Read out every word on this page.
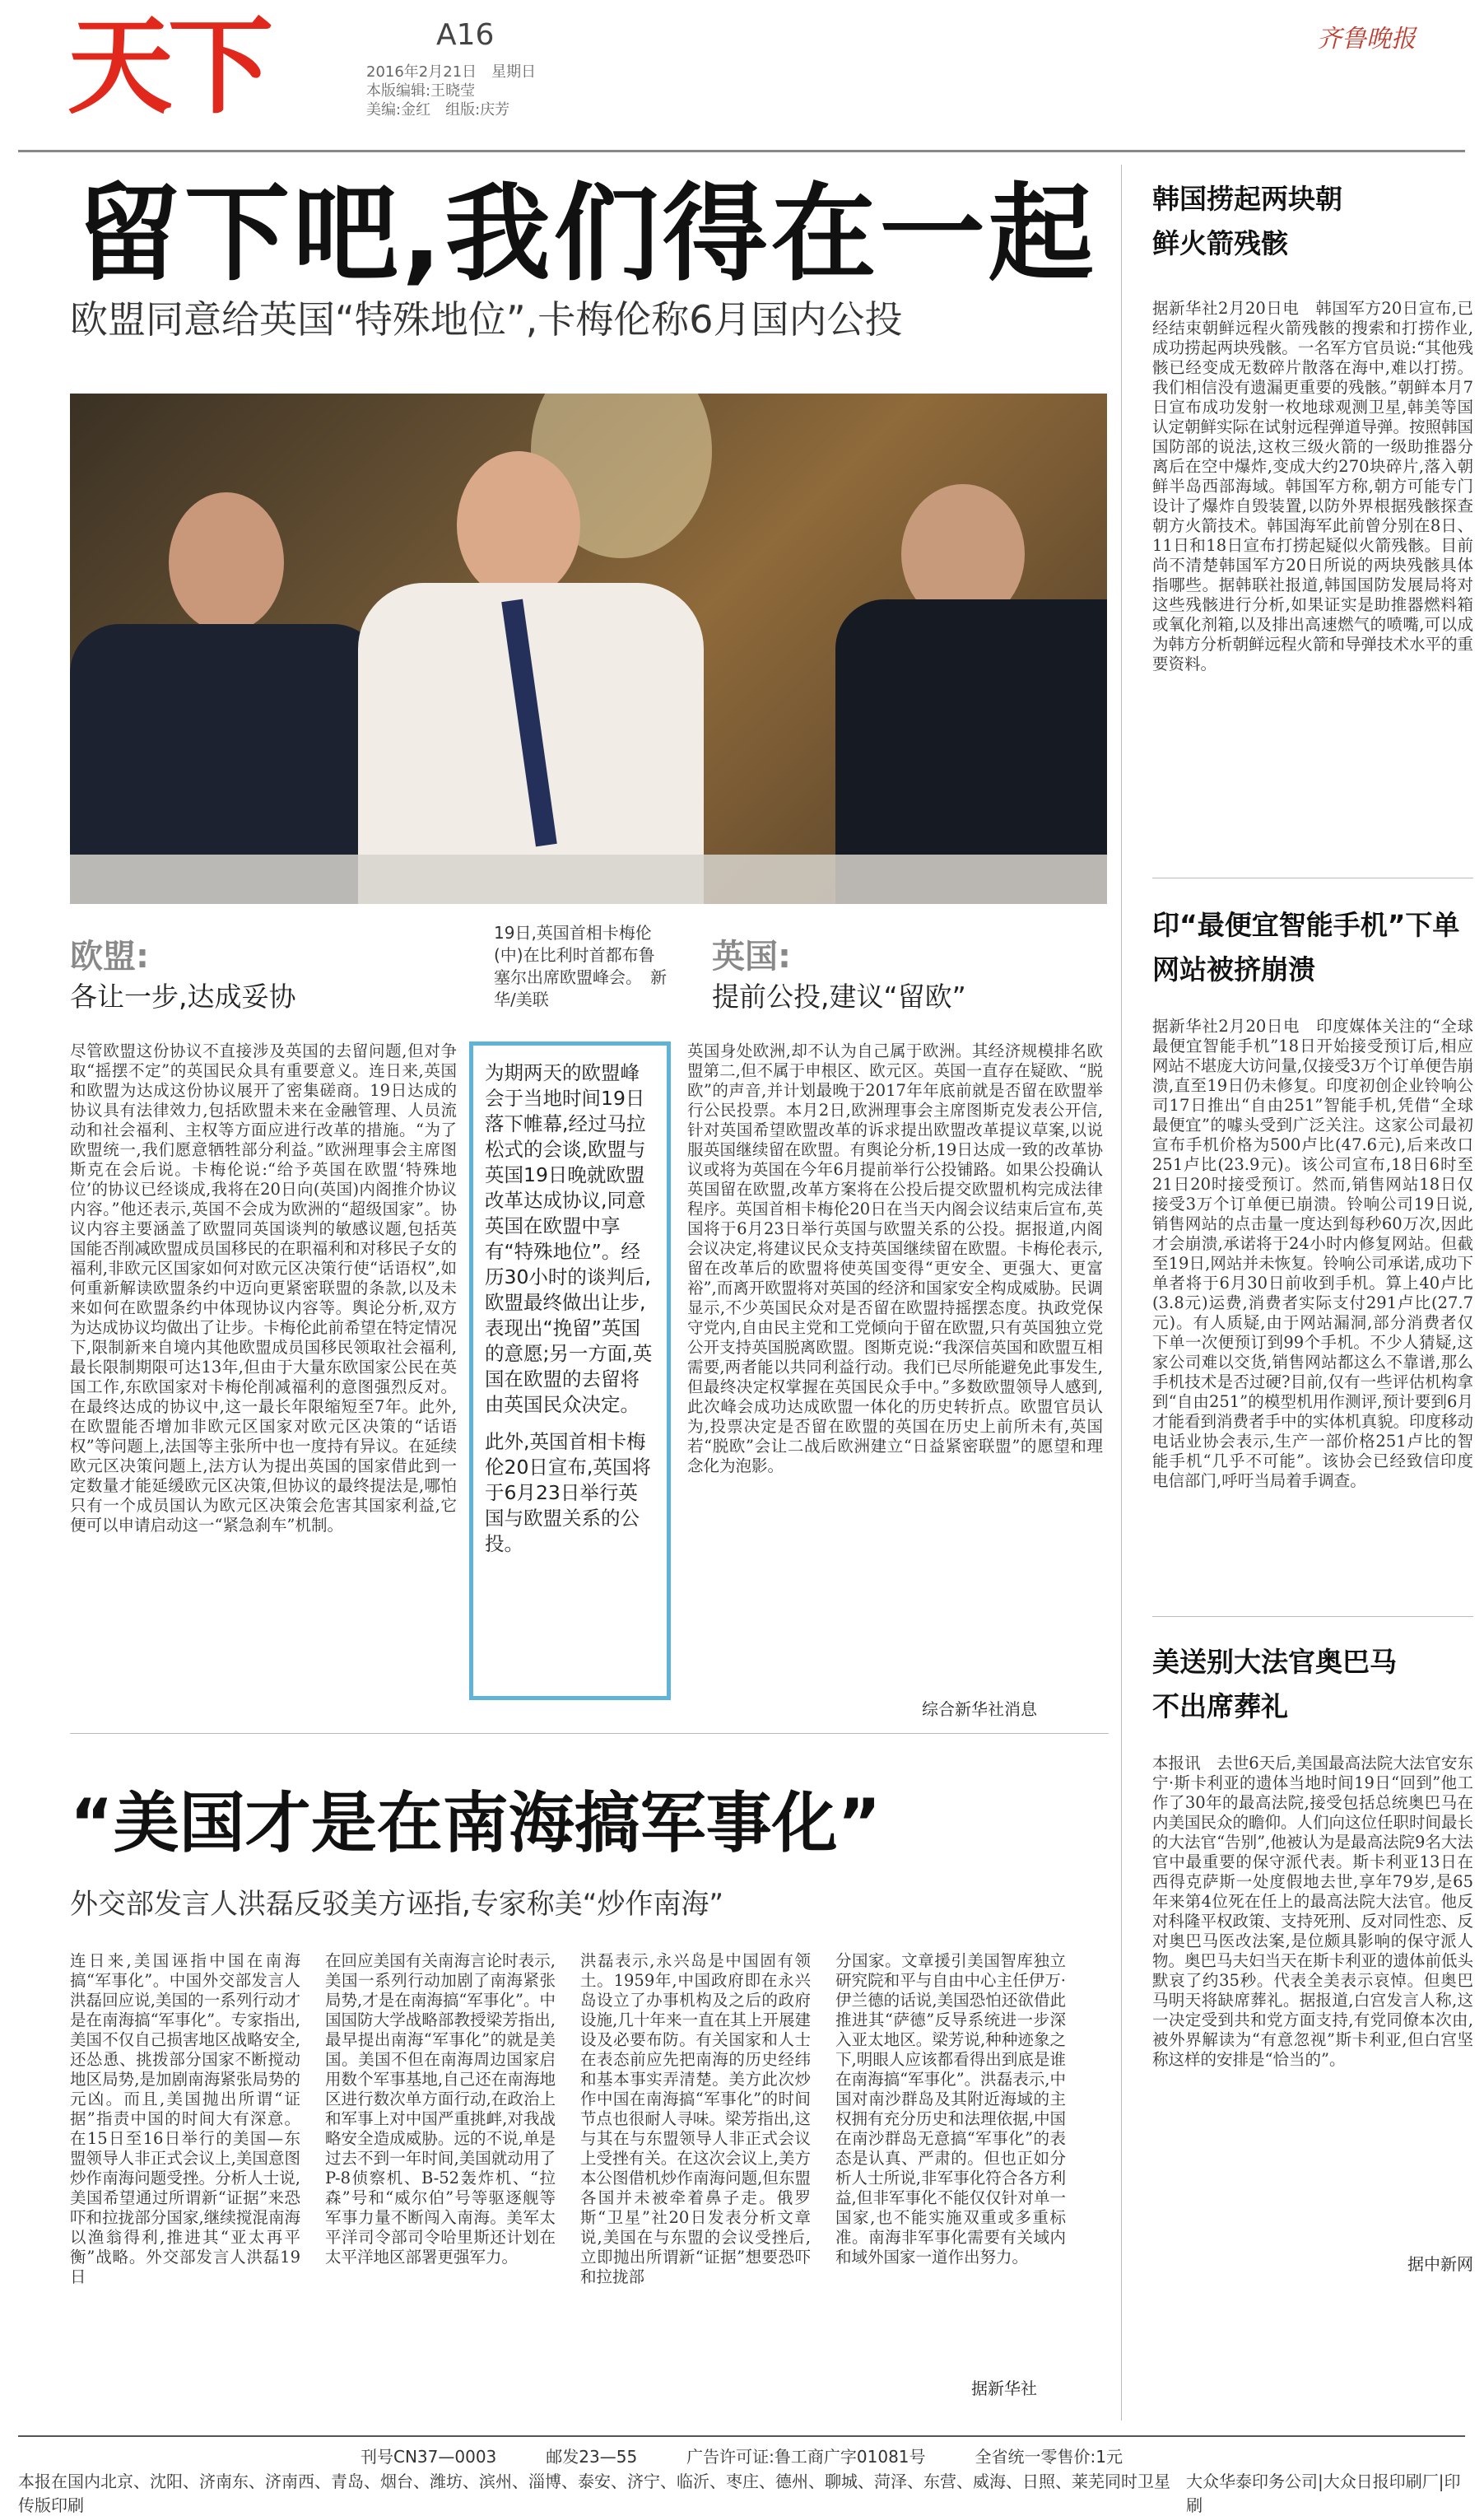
天下	A16
2016年2月21日　星期日
本版编辑:王晓莹
美编:金红　组版:庆芳
齐鲁晚报
留下吧,我们得在一起
欧盟同意给英国“特殊地位”,卡梅伦称6月国内公投
19日,英国首相卡梅伦(中)在比利时首都布鲁塞尔出席欧盟峰会。　新华/美联
欧盟:
各让一步,达成妥协
英国:
提前公投,建议“留欧”
尽管欧盟这份协议不直接涉及英国的去留问题,但对争取“摇摆不定”的英国民众具有重要意义。连日来,英国和欧盟为达成这份协议展开了密集磋商。19日达成的协议具有法律效力,包括欧盟未来在金融管理、人员流动和社会福利、主权等方面应进行改革的措施。“为了欧盟统一,我们愿意牺牲部分利益。”欧洲理事会主席图斯克在会后说。卡梅伦说:“给予英国在欧盟‘特殊地位’的协议已经谈成,我将在20日向(英国)内阁推介协议内容。”他还表示,英国不会成为欧洲的“超级国家”。协议内容主要涵盖了欧盟同英国谈判的敏感议题,包括英国能否削减欧盟成员国移民的在职福利和对移民子女的福利,非欧元区国家如何对欧元区决策行使“话语权”,如何重新解读欧盟条约中迈向更紧密联盟的条款,以及未来如何在欧盟条约中体现协议内容等。舆论分析,双方为达成协议均做出了让步。卡梅伦此前希望在特定情况下,限制新来自境内其他欧盟成员国移民领取社会福利,最长限制期限可达13年,但由于大量东欧国家公民在英国工作,东欧国家对卡梅伦削减福利的意图强烈反对。在最终达成的协议中,这一最长年限缩短至7年。此外,在欧盟能否增加非欧元区国家对欧元区决策的“话语权”等问题上,法国等主张所中也一度持有异议。在延续欧元区决策问题上,法方认为提出英国的国家借此到一定数量才能延缓欧元区决策,但协议的最终提法是,哪怕只有一个成员国认为欧元区决策会危害其国家利益,它便可以申请启动这一“紧急刹车”机制。
为期两天的欧盟峰会于当地时间19日落下帷幕,经过马拉松式的会谈,欧盟与英国19日晚就欧盟改革达成协议,同意英国在欧盟中享有“特殊地位”。经历30小时的谈判后,欧盟最终做出让步,表现出“挽留”英国的意愿;另一方面,英国在欧盟的去留将由英国民众决定。
此外,英国首相卡梅伦20日宣布,英国将于6月23日举行英国与欧盟关系的公投。
英国身处欧洲,却不认为自己属于欧洲。其经济规模排名欧盟第二,但不属于申根区、欧元区。英国一直存在疑欧、“脱欧”的声音,并计划最晚于2017年年底前就是否留在欧盟举行公民投票。本月2日,欧洲理事会主席图斯克发表公开信,针对英国希望欧盟改革的诉求提出欧盟改革提议草案,以说服英国继续留在欧盟。有舆论分析,19日达成一致的改革协议或将为英国在今年6月提前举行公投铺路。如果公投确认英国留在欧盟,改革方案将在公投后提交欧盟机构完成法律程序。英国首相卡梅伦20日在当天内阁会议结束后宣布,英国将于6月23日举行英国与欧盟关系的公投。据报道,内阁会议决定,将建议民众支持英国继续留在欧盟。卡梅伦表示,留在改革后的欧盟将使英国变得“更安全、更强大、更富裕”,而离开欧盟将对英国的经济和国家安全构成威胁。民调显示,不少英国民众对是否留在欧盟持摇摆态度。执政党保守党内,自由民主党和工党倾向于留在欧盟,只有英国独立党公开支持英国脱离欧盟。图斯克说:“我深信英国和欧盟互相需要,两者能以共同利益行动。我们已尽所能避免此事发生,但最终决定权掌握在英国民众手中。”多数欧盟领导人感到,此次峰会成功达成欧盟一体化的历史转折点。欧盟官员认为,投票决定是否留在欧盟的英国在历史上前所未有,英国若“脱欧”会让二战后欧洲建立“日益紧密联盟”的愿望和理念化为泡影。
综合新华社消息
“美国才是在南海搞军事化”
外交部发言人洪磊反驳美方诬指,专家称美“炒作南海”
连日来,美国诬指中国在南海搞“军事化”。中国外交部发言人洪磊回应说,美国的一系列行动才是在南海搞“军事化”。专家指出,美国不仅自己损害地区战略安全,还怂恿、挑拨部分国家不断搅动地区局势,是加剧南海紧张局势的元凶。而且,美国抛出所谓“证据”指责中国的时间大有深意。在15日至16日举行的美国—东盟领导人非正式会议上,美国意图炒作南海问题受挫。分析人士说,美国希望通过所谓新“证据”来恐吓和拉拢部分国家,继续搅混南海以渔翁得利,推进其“亚太再平衡”战略。外交部发言人洪磊19日
在回应美国有关南海言论时表示,美国一系列行动加剧了南海紧张局势,才是在南海搞“军事化”。中国国防大学战略部教授梁芳指出,最早提出南海“军事化”的就是美国。美国不但在南海周边国家启用数个军事基地,自己还在南海地区进行数次单方面行动,在政治上和军事上对中国严重挑衅,对我战略安全造成威胁。远的不说,单是过去不到一年时间,美国就动用了P-8侦察机、B-52轰炸机、“拉森”号和“威尔伯”号等驱逐舰等军事力量不断闯入南海。美军太平洋司令部司令哈里斯还计划在太平洋地区部署更强军力。
洪磊表示,永兴岛是中国固有领土。1959年,中国政府即在永兴岛设立了办事机构及之后的政府设施,几十年来一直在其上开展建设及必要布防。有关国家和人士在表态前应先把南海的历史经纬和基本事实弄清楚。美方此次炒作中国在南海搞“军事化”的时间节点也很耐人寻味。梁芳指出,这与其在与东盟领导人非正式会议上受挫有关。在这次会议上,美方本公图借机炒作南海问题,但东盟各国并未被牵着鼻子走。俄罗斯“卫星”社20日发表分析文章说,美国在与东盟的会议受挫后,立即抛出所谓新“证据”想要恐吓和拉拢部
分国家。文章援引美国智库独立研究院和平与自由中心主任伊万·伊兰德的话说,美国恐怕还欲借此推进其“萨德”反导系统进一步深入亚太地区。梁芳说,种种迹象之下,明眼人应该都看得出到底是谁在南海搞“军事化”。洪磊表示,中国对南沙群岛及其附近海域的主权拥有充分历史和法理依据,中国在南沙群岛无意搞“军事化”的表态是认真、严肃的。但也正如分析人士所说,非军事化符合各方利益,但非军事化不能仅仅针对单一国家,也不能实施双重或多重标准。南海非军事化需要有关域内和域外国家一道作出努力。
据新华社
韩国捞起两块朝鲜火箭残骸
据新华社2月20日电　韩国军方20日宣布,已经结束朝鲜远程火箭残骸的搜索和打捞作业,成功捞起两块残骸。一名军方官员说:“其他残骸已经变成无数碎片散落在海中,难以打捞。我们相信没有遗漏更重要的残骸。”朝鲜本月7日宣布成功发射一枚地球观测卫星,韩美等国认定朝鲜实际在试射远程弹道导弹。按照韩国国防部的说法,这枚三级火箭的一级助推器分离后在空中爆炸,变成大约270块碎片,落入朝鲜半岛西部海域。韩国军方称,朝方可能专门设计了爆炸自毁装置,以防外界根据残骸探查朝方火箭技术。韩国海军此前曾分别在8日、11日和18日宣布打捞起疑似火箭残骸。目前尚不清楚韩国军方20日所说的两块残骸具体指哪些。据韩联社报道,韩国国防发展局将对这些残骸进行分析,如果证实是助推器燃料箱或氧化剂箱,以及排出高速燃气的喷嘴,可以成为韩方分析朝鲜远程火箭和导弹技术水平的重要资料。
印“最便宜智能手机”下单网站被挤崩溃
据新华社2月20日电　印度媒体关注的“全球最便宜智能手机”18日开始接受预订后,相应网站不堪庞大访问量,仅接受3万个订单便告崩溃,直至19日仍未修复。印度初创企业铃响公司17日推出“自由251”智能手机,凭借“全球最便宜”的噱头受到广泛关注。这家公司最初宣布手机价格为500卢比(47.6元),后来改口251卢比(23.9元)。该公司宣布,18日6时至21日20时接受预订。然而,销售网站18日仅接受3万个订单便已崩溃。铃响公司19日说,销售网站的点击量一度达到每秒60万次,因此才会崩溃,承诺将于24小时内修复网站。但截至19日,网站并未恢复。铃响公司承诺,成功下单者将于6月30日前收到手机。算上40卢比(3.8元)运费,消费者实际支付291卢比(27.7元)。有人质疑,由于网站漏洞,部分消费者仅下单一次便预订到99个手机。不少人猜疑,这家公司难以交货,销售网站都这么不靠谱,那么手机技术是否过硬?目前,仅有一些评估机构拿到“自由251”的模型机用作测评,预计要到6月才能看到消费者手中的实体机真貌。印度移动电话业协会表示,生产一部价格251卢比的智能手机“几乎不可能”。该协会已经致信印度电信部门,呼吁当局着手调查。
美送别大法官奥巴马不出席葬礼
本报讯　去世6天后,美国最高法院大法官安东宁·斯卡利亚的遗体当地时间19日“回到”他工作了30年的最高法院,接受包括总统奥巴马在内美国民众的瞻仰。人们向这位任职时间最长的大法官“告别”,他被认为是最高法院9名大法官中最重要的保守派代表。斯卡利亚13日在西得克萨斯一处度假地去世,享年79岁,是65年来第4位死在任上的最高法院大法官。他反对科隆平权政策、支持死刑、反对同性恋、反对奥巴马医改法案,是位颇具影响的保守派人物。奥巴马夫妇当天在斯卡利亚的遗体前低头默哀了约35秒。代表全美表示哀悼。但奥巴马明天将缺席葬礼。据报道,白宫发言人称,这一决定受到共和党方面支持,有党同僚本次由,被外界解读为“有意忽视”斯卡利亚,但白宫坚称这样的安排是“恰当的”。
据中新网
刊号CN37—0003　　　邮发23—55　　　广告许可证:鲁工商广字01081号　　　全省统一零售价:1元
本报在国内北京、沈阳、济南东、济南西、青岛、烟台、潍坊、滨州、淄博、泰安、济宁、临沂、枣庄、德州、聊城、菏泽、东营、威海、日照、莱芜同时卫星传版印刷
大众华泰印务公司|大众日报印刷厂|印刷
